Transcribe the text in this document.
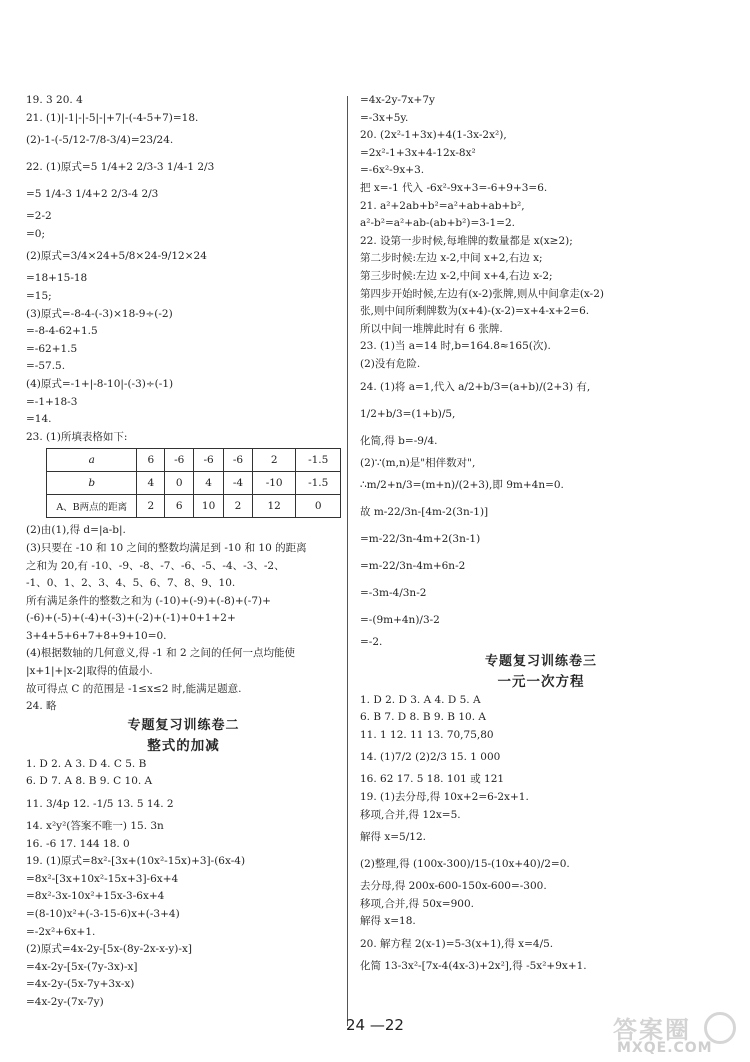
19. 3 20. 4
21. (1)|-1|-|-5|-|+7|-(-4-5+7)=18.
(2)-1-(-5/12-7/8-3/4)=23/24.
22. (1)原式=5 1/4+2 2/3-3 1/4-1 2/3
=5 1/4-3 1/4+2 2/3-4 2/3
=2-2
=0;
(2)原式=3/4×24+5/8×24-9/12×24
=18+15-18
=15;
(3)原式=-8-4-(-3)×18-9÷(-2)
=-8-4-62+1.5
=-62+1.5
=-57.5.
(4)原式=-1+|-8-10|-(-3)÷(-1)
=-1+18-3
=14.
23. (1)所填表格如下:
a	6	-6	-6	-6	2	-1.5
b	4	0	4	-4	-10	-1.5
A、B两点的距离	2	6	10	2	12	0
(2)由(1),得 d=|a-b|.
(3)只要在 -10 和 10 之间的整数均满足到 -10 和 10 的距离
之和为 20,有 -10、-9、-8、-7、-6、-5、-4、-3、-2、
-1、0、1、2、3、4、5、6、7、8、9、10.
所有满足条件的整数之和为 (-10)+(-9)+(-8)+(-7)+
(-6)+(-5)+(-4)+(-3)+(-2)+(-1)+0+1+2+
3+4+5+6+7+8+9+10=0.
(4)根据数轴的几何意义,得 -1 和 2 之间的任何一点均能使
|x+1|+|x-2|取得的值最小.
故可得点 C 的范围是 -1≤x≤2 时,能满足题意.
24. 略
专题复习训练卷二
整式的加减
1. D 2. A 3. D 4. C 5. B
6. D 7. A 8. B 9. C 10. A
11. 3/4p 12. -1/5 13. 5 14. 2
14. x²y²(答案不唯一) 15. 3n
16. -6 17. 144 18. 0
19. (1)原式=8x²-[3x+(10x²-15x)+3]-(6x-4)
=8x²-[3x+10x²-15x+3]-6x+4
=8x²-3x-10x²+15x-3-6x+4
=(8-10)x²+(-3-15-6)x+(-3+4)
=-2x²+6x+1.
(2)原式=4x-2y-[5x-(8y-2x-x-y)-x]
=4x-2y-[5x-(7y-3x)-x]
=4x-2y-(5x-7y+3x-x)
=4x-2y-(7x-7y)
=4x-2y-7x+7y
=-3x+5y.
20. (2x²-1+3x)+4(1-3x-2x²),
=2x²-1+3x+4-12x-8x²
=-6x²-9x+3.
把 x=-1 代入 -6x²-9x+3=-6+9+3=6.
21. a²+2ab+b²=a²+ab+ab+b²,
a²-b²=a²+ab-(ab+b²)=3-1=2.
22. 设第一步时候,每堆牌的数量都是 x(x≥2);
第二步时候:左边 x-2,中间 x+2,右边 x;
第三步时候:左边 x-2,中间 x+4,右边 x-2;
第四步开始时候,左边有(x-2)张牌,则从中间拿走(x-2)
张,则中间所剩牌数为(x+4)-(x-2)=x+4-x+2=6.
所以中间一堆牌此时有 6 张牌.
23. (1)当 a=14 时,b=164.8≈165(次).
(2)没有危险.
24. (1)将 a=1,代入 a/2+b/3=(a+b)/(2+3) 有,
1/2+b/3=(1+b)/5,
化简,得 b=-9/4.
(2)∵(m,n)是"相伴数对",
∴m/2+n/3=(m+n)/(2+3),即 9m+4n=0.
故 m-22/3n-[4m-2(3n-1)]
=m-22/3n-4m+2(3n-1)
=m-22/3n-4m+6n-2
=-3m-4/3n-2
=-(9m+4n)/3-2
=-2.
专题复习训练卷三
一元一次方程
1. D 2. D 3. A 4. D 5. A
6. B 7. D 8. B 9. B 10. A
11. 1 12. 11 13. 70,75,80
14. (1)7/2 (2)2/3 15. 1 000
16. 62 17. 5 18. 101 或 121
19. (1)去分母,得 10x+2=6-2x+1.
移项,合并,得 12x=5.
解得 x=5/12.
(2)整理,得 (100x-300)/15-(10x+40)/2=0.
去分母,得 200x-600-150x-600=-300.
移项,合并,得 50x=900.
解得 x=18.
20. 解方程 2(x-1)=5-3(x+1),得 x=4/5.
化简 13-3x²-[7x-4(4x-3)+2x²],得 -5x²+9x+1.
24 —22	答案圈
MXQE.COM
